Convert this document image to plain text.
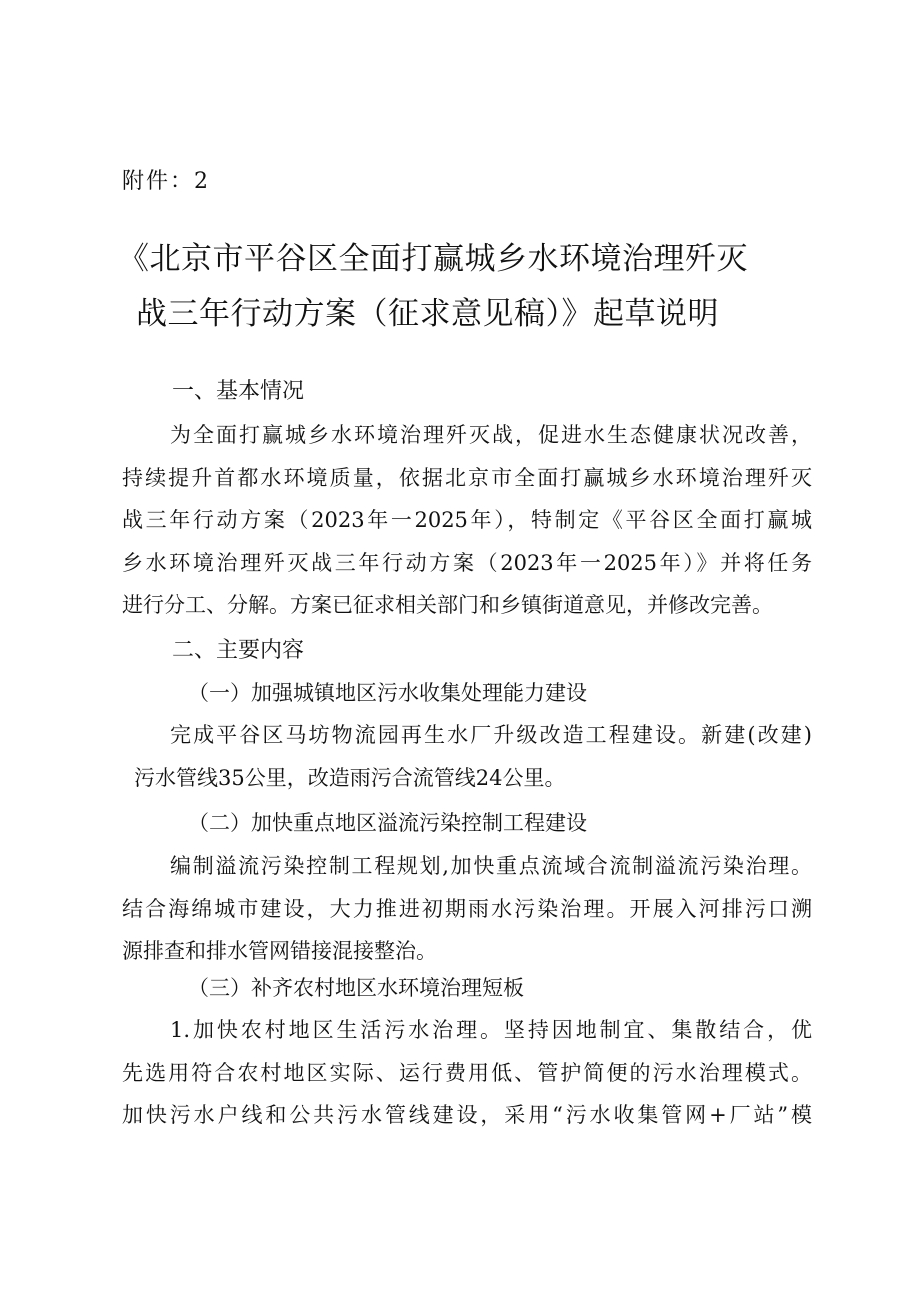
附件：2
《北京市平谷区全面打赢城乡水环境治理歼灭
战三年行动方案（征求意见稿）》起草说明
一、基本情况
为全面打赢城乡水环境治理歼灭战，促进水生态健康状况改善，
持续提升首都水环境质量，依据北京市全面打赢城乡水环境治理歼灭
战三年行动方案（2023年一2025年），特制定《平谷区全面打赢城
乡水环境治理歼灭战三年行动方案（2023年一2025年）》并将任务
进行分工、分解。方案已征求相关部门和乡镇街道意见，并修改完善。
二、主要内容
（一）加强城镇地区污水收集处理能力建设
完成平谷区马坊物流园再生水厂升级改造工程建设。新建(改建)
污水管线35公里，改造雨污合流管线24公里。
（二）加快重点地区溢流污染控制工程建设
编制溢流污染控制工程规划,加快重点流域合流制溢流污染治理。
结合海绵城市建设，大力推进初期雨水污染治理。开展入河排污口溯
源排查和排水管网错接混接整治。
（三）补齐农村地区水环境治理短板
1.加快农村地区生活污水治理。坚持因地制宜、集散结合，优
先选用符合农村地区实际、运行费用低、管护简便的污水治理模式。
加快污水户线和公共污水管线建设，采用“污水收集管网+厂站”模
